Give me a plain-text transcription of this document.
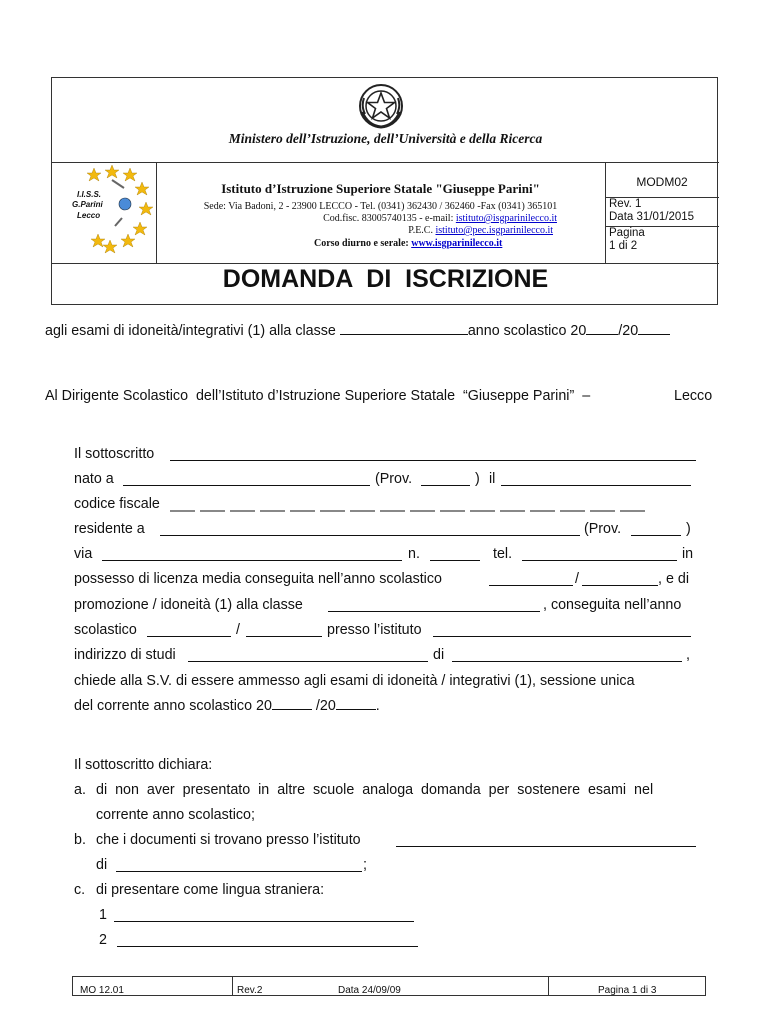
Ministero dell’Istruzione, dell’Università e della Ricerca
I.I.S.S.
G.Parini
Lecco
Istituto d’Istruzione Superiore Statale "Giuseppe Parini"
Sede: Via Badoni, 2 - 23900 LECCO - Tel. (0341) 362430 / 362460 -Fax (0341) 365101
Cod.fisc. 83005740135 - e-mail: istituto@isgparinilecco.it
P.E.C. istituto@pec.isgparinilecco.it
Corso diurno e serale: www.isgparinilecco.it
MODM02
Rev. 1
Data 31/01/2015
Pagina
1 di 2
DOMANDA  DI  ISCRIZIONE
agli esami di idoneità/integrativi (1) alla classe	anno scolastico 20 /20
Al Dirigente Scolastico  dell’Istituto d’Istruzione Superiore Statale  “Giuseppe Parini”  –	Lecco
Il sottoscritto
nato a	(Prov.	) il
codice fiscale
residente a	(Prov.	)
via	n.	tel.	in
possesso di licenza media conseguita nell’anno scolastico	/	, e di
promozione / idoneità (1) alla classe	, conseguita nell’anno
scolastico	/	presso l’istituto
indirizzo di studi	di	,
chiede alla S.V. di essere ammesso agli esami di idoneità / integrativi (1), sessione unica
del corrente anno scolastico 20	/20	.
Il sottoscritto dichiara:
a. di  non  aver  presentato  in  altre  scuole  analoga  domanda  per  sostenere  esami  nel
corrente anno scolastico;
b. che i documenti si trovano presso l’istituto
di	;
c. di presentare come lingua straniera:
1
2
MO 12.01	Rev.2	Data 24/09/09	Pagina 1 di 3
